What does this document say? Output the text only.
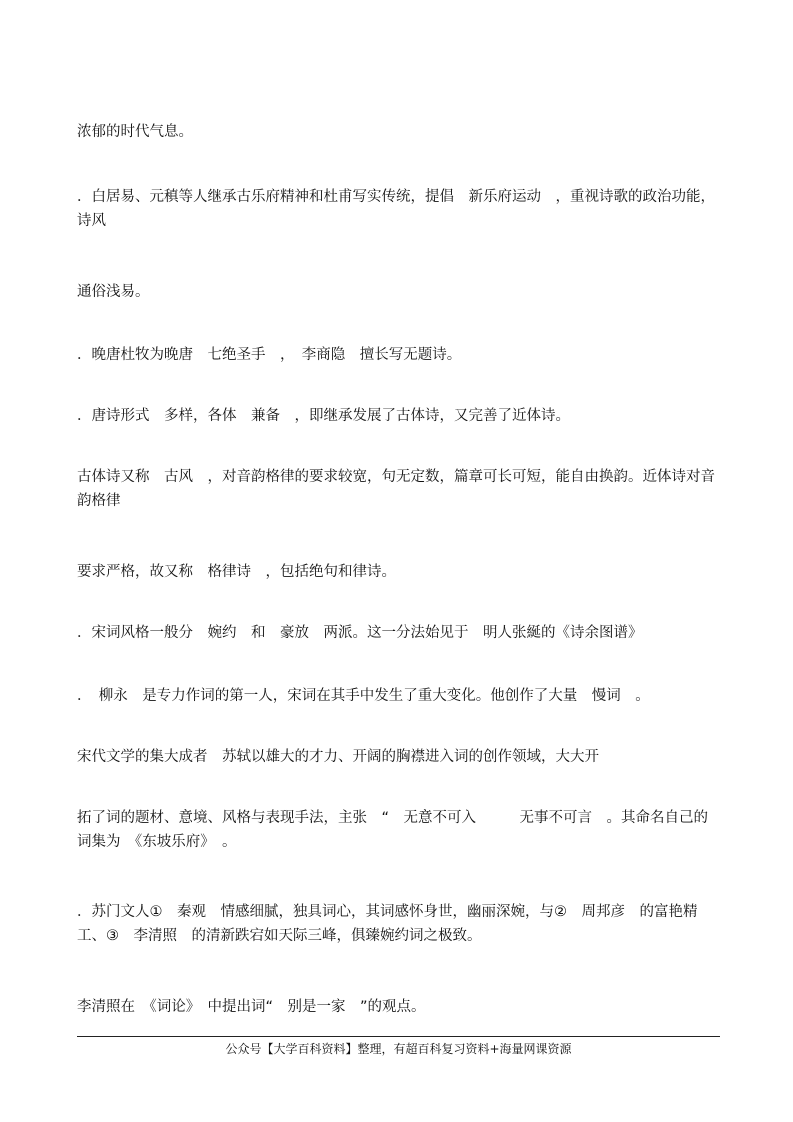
浓郁的时代气息。
．白居易、元稹等人继承古乐府精神和杜甫写实传统，提倡　新乐府运动　，重视诗歌的政治功能，诗风
通俗浅易。
．晚唐杜牧为晚唐　七绝圣手　，　李商隐　擅长写无题诗。
．唐诗形式　多样，各体　兼备　，即继承发展了古体诗，又完善了近体诗。
古体诗又称　古风　，对音韵格律的要求较宽，句无定数，篇章可长可短，能自由换韵。近体诗对音韵格律
要求严格，故又称　格律诗　，包括绝句和律诗。
．宋词风格一般分　婉约　和　豪放　两派。这一分法始见于　明人张綖的《诗余图谱》
．　柳永　是专力作词的第一人，宋词在其手中发生了重大变化。他创作了大量　慢词　。
宋代文学的集大成者　苏轼以雄大的才力、开阔的胸襟进入词的创作领域，大大开
拓了词的题材、意境、风格与表现手法，主张　“　无意不可入　　　无事不可言　。其命名自己的词集为　《东坡乐府》　。
．苏门文人①　秦观　情感细腻，独具词心，其词感怀身世，幽丽深婉，与②　周邦彦　的富艳精工、③　李清照　的清新跌宕如天际三峰，俱臻婉约词之极致。
李清照在　《词论》　中提出词“　别是一家　”的观点。
公众号【大学百科资料】整理，有超百科复习资料+海量网课资源
